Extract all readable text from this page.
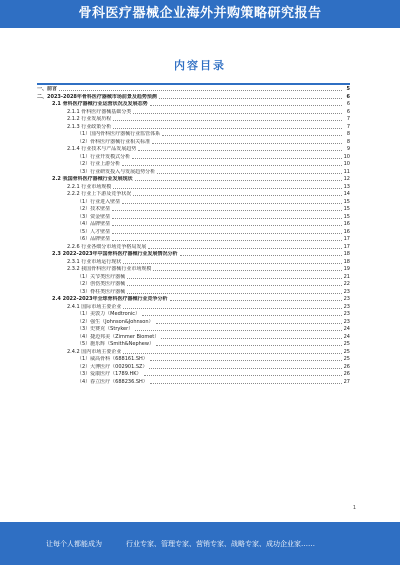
骨科医疗器械企业海外并购策略研究报告
内容目录
一、前言	5
二、2023-2028年骨科医疗器械市场前景及趋势预测	6
2.1 骨科医疗器械行业运营状况及发展态势	6
2.1.1 骨科医疗器械基础分类	6
2.1.2 行业发展历程	7
2.1.3 行业政策分析	7
（1）国内骨科医疗器械行业监管体系	8
（2）骨科医疗器械行业相关标准	8
2.1.4 行业技术与产品发展趋势	9
（1）行业开发模式分析	10
（2）行业上游分析	10
（3）行业研发投入与发展趋势分析	11
2.2 我国骨科医疗器械行业发展现状	12
2.2.1 行业市场规模	13
2.2.2 行业上下游及竞争状况	14
（1）行业进入壁垒	15
（2）技术壁垒	15
（3）资金壁垒	15
（4）品牌壁垒	16
（5）人才壁垒	16
（6）品牌壁垒	17
2.2.6 行业各细分市场竞争格局发展	17
2.3 2022-2023年中国骨科医疗器械行业发展情况分析	18
2.3.1 行业市场运行现状	18
2.3.2 我国骨科医疗器械行业市场规模	19
（1）关节类医疗器械	21
（2）创伤类医疗器械	22
（3）脊柱类医疗器械	23
2.4 2022-2023年全球骨科医疗器械行业竞争分析	23
2.4.1 国际市场主要企业	23
（1）美敦力（Medtronic）	23
（2）强生（Johnson&Johnson）	23
（3）史赛克（Stryker）	24
（4）捷迈邦美（Zimmer Biomet）	24
（5）施乐辉（Smith&Nephew）	25
2.4.2 国内市场主要企业	25
（1）威高骨科（688161.SH）	25
（2）大博医疗（002901.SZ）	26
（3）爱康医疗（1789.HK）	26
（4）春立医疗（688236.SH）	27
1
让每个人都能成为	行业专家、管理专家、营销专家、战略专家、成功企业家……
